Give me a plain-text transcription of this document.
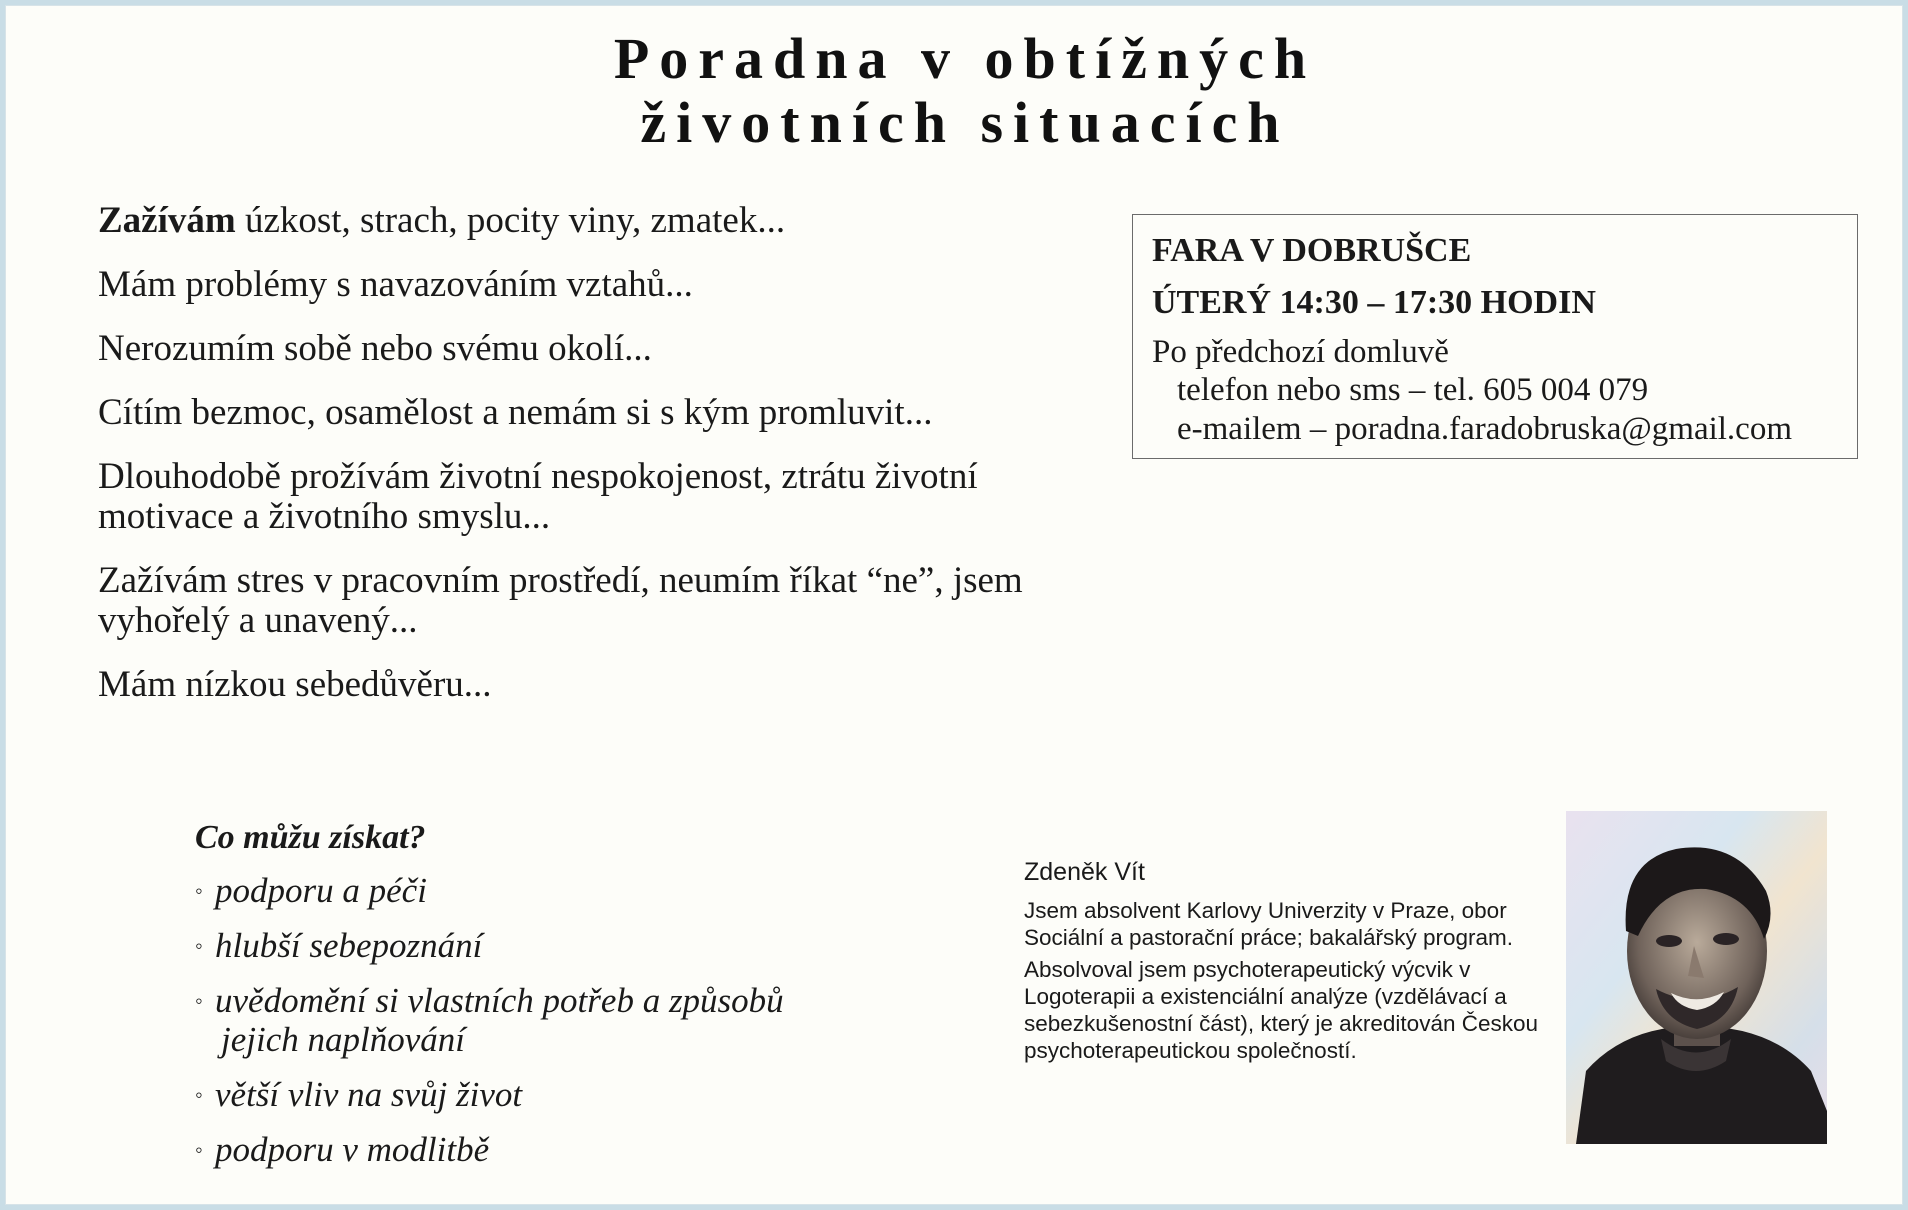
Poradna v obtížných
životních situacích
Zažívám úzkost, strach, pocity viny, zmatek...
Mám problémy s navazováním vztahů...
Nerozumím sobě nebo svému okolí...
Cítím bezmoc, osamělost a nemám si s kým promluvit...
Dlouhodobě prožívám životní nespokojenost, ztrátu životní motivace a životního smyslu...
Zažívám stres v pracovním prostředí, neumím říkat “ne”, jsem vyhořelý a unavený...
Mám nízkou sebedůvěru...
FARA V DOBRUŠCE
ÚTERÝ 14:30 – 17:30 HODIN
Po předchozí domluvě
telefon nebo sms – tel. 605 004 079
e-mailem – poradna.faradobruska@gmail.com
Co můžu získat?
◦ podporu a péči
◦ hlubší sebepoznání
◦ uvědomění si vlastních potřeb a způsobů
jejich naplňování
◦ větší vliv na svůj život
◦ podporu v modlitbě
Zdeněk Vít

Jsem absolvent Karlovy Univerzity v Praze, obor Sociální a pastorační práce; bakalářský program.

Absolvoval jsem psychoterapeutický výcvik v Logoterapii a existenciální analýze (vzdělávací a sebezkušenostní část), který je akreditován Českou psychoterapeutickou společností.
